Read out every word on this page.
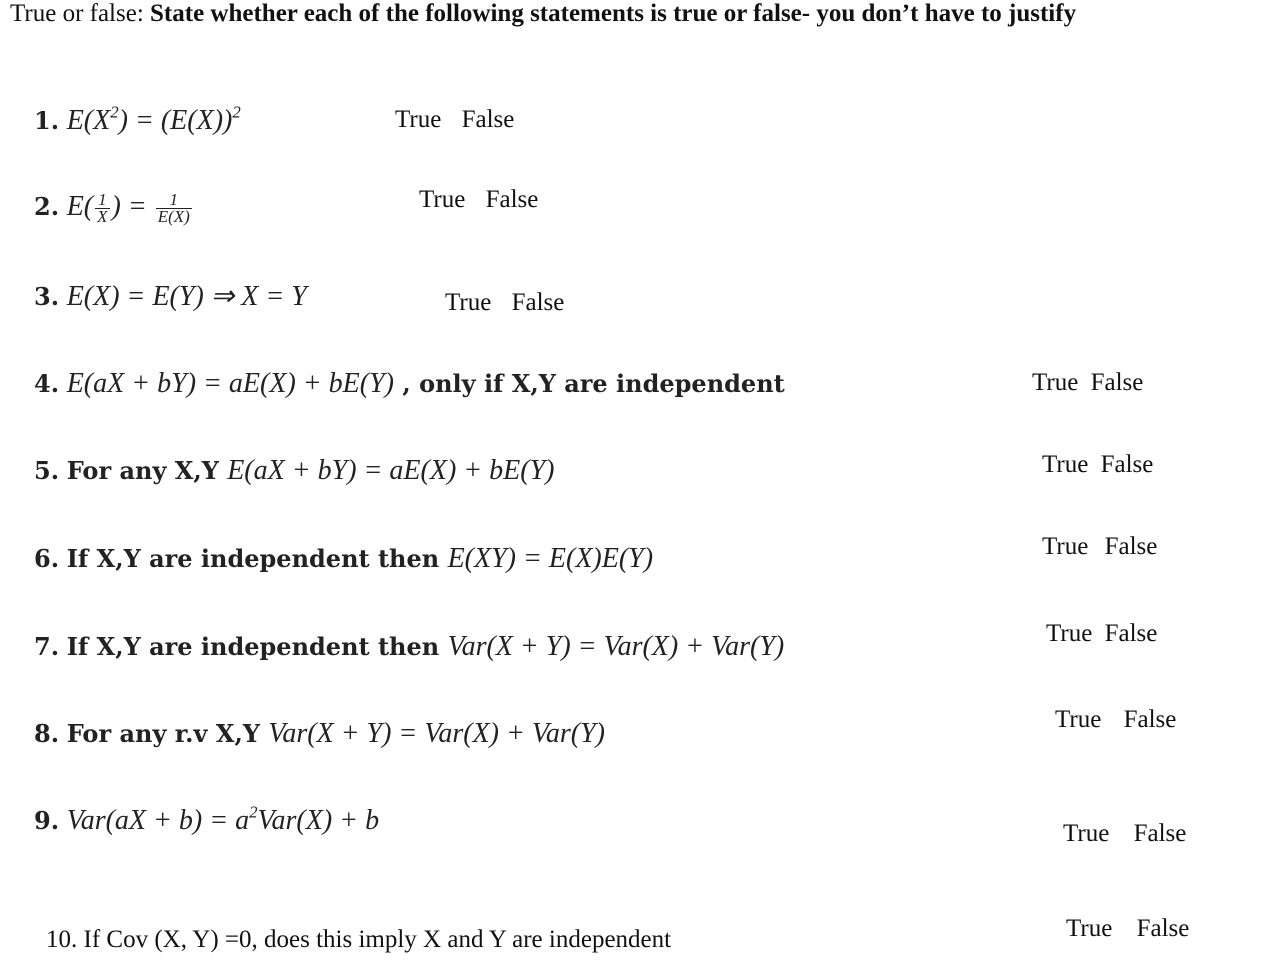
True or false: State whether each of the following statements is true or false- you don’t have to justify
1. $E(X^2) = (E(X))^2$	True False
2. $E( \frac{1}{X}$ ) = $\frac{1}{E(X)}$	True False
3. E(X) = E(Y) ⇒ X = Y	True False
4. E(aX + bY) = aE(X) + bE(Y) , only if X,Y are independent	True False
5. For any X,Y E(aX + bY) = aE(X) + bE(Y)	True False
6. If X,Y are independent then E(XY) = E(X)E(Y)	True False
7. If X,Y are independent then Var(X + Y) = Var(X) + Var(Y)	True False
8. For any r.v X,Y Var(X + Y) = Var(X) + Var(Y)	True False
9. $Var(aX + b) = a^2Var(X) + b$	True False
10. If Cov (X, Y) =0, does this imply X and Y are independent	True False
